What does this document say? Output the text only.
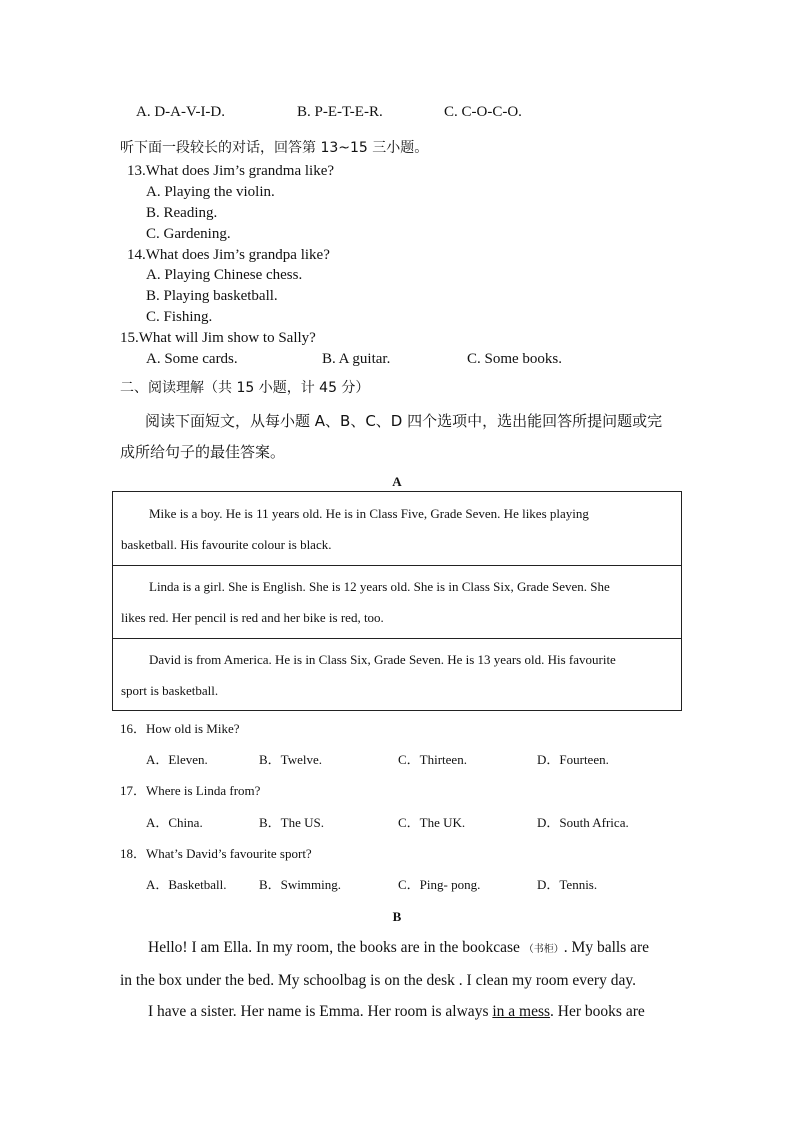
A. D-A-V-I-D.	B. P-E-T-E-R.	C. C-O-C-O.
听下面一段较长的对话，回答第 13~15 三小题。
13.What does Jim’s grandma like?
A. Playing the violin.
B. Reading.
C. Gardening.
14.What does Jim’s grandpa like?
A. Playing Chinese chess.
B. Playing basketball.
C. Fishing.
15.What will Jim show to Sally?
A. Some cards.	B. A guitar.	C. Some books.
二、阅读理解（共 15 小题，计 45 分）
阅读下面短文，从每小题 A、B、C、D 四个选项中，选出能回答所提问题或完
成所给句子的最佳答案。
A
Mike is a boy. He is 11 years old. He is in Class Five, Grade Seven. He likes playing
basketball. His favourite colour is black.
Linda is a girl. She is English. She is 12 years old. She is in Class Six, Grade Seven. She
likes red. Her pencil is red and her bike is red, too.
David is from America. He is in Class Six, Grade Seven. He is 13 years old. His favourite
sport is basketball.
16．How old is Mike?
A．Eleven.	B．Twelve.	C．Thirteen.	D．Fourteen.
17．Where is Linda from?
A．China.	B．The US.	C．The UK.	D．South Africa.
18．What’s David’s favourite sport?
A．Basketball. B．Swimming.	C．Ping- pong.	D．Tennis.
B

Hello! I am Ella. In my room, the books are in the bookcase （书柜）. My balls are

in the box under the bed. My schoolbag is on the desk . I clean my room every day.

I have a sister. Her name is Emma. Her room is always in a mess. Her books are
